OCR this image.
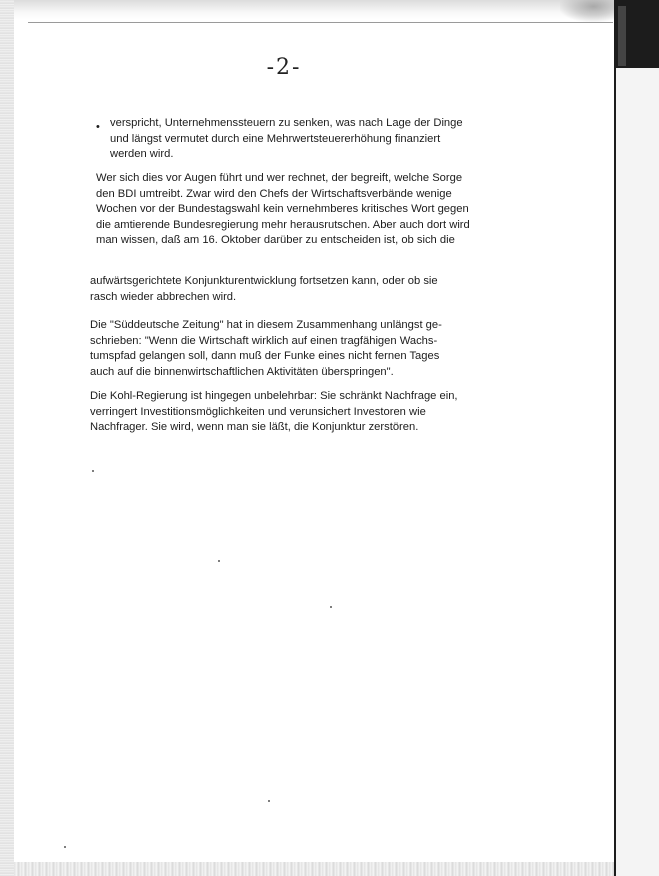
-2-
• verspricht, Unternehmenssteuern zu senken, was nach Lage der Dinge
und längst vermutet durch eine Mehrwertsteuererhöhung finanziert
werden wird.
Wer sich dies vor Augen führt und wer rechnet, der begreift, welche Sorge
den BDI umtreibt. Zwar wird den Chefs der Wirtschaftsverbände wenige
Wochen vor der Bundestagswahl kein vernehmberes kritisches Wort gegen
die amtierende Bundesregierung mehr herausrutschen. Aber auch dort wird
man wissen, daß am 16. Oktober darüber zu entscheiden ist, ob sich die
aufwärtsgerichtete Konjunkturentwicklung fortsetzen kann, oder ob sie
rasch wieder abbrechen wird.
Die "Süddeutsche Zeitung" hat in diesem Zusammenhang unlängst ge-
schrieben: "Wenn die Wirtschaft wirklich auf einen tragfähigen Wachs-
tumspfad gelangen soll, dann muß der Funke eines nicht fernen Tages
auch auf die binnenwirtschaftlichen Aktivitäten überspringen".
Die Kohl-Regierung ist hingegen unbelehrbar: Sie schränkt Nachfrage ein,
verringert Investitionsmöglichkeiten und verunsichert Investoren wie
Nachfrager. Sie wird, wenn man sie läßt, die Konjunktur zerstören.
